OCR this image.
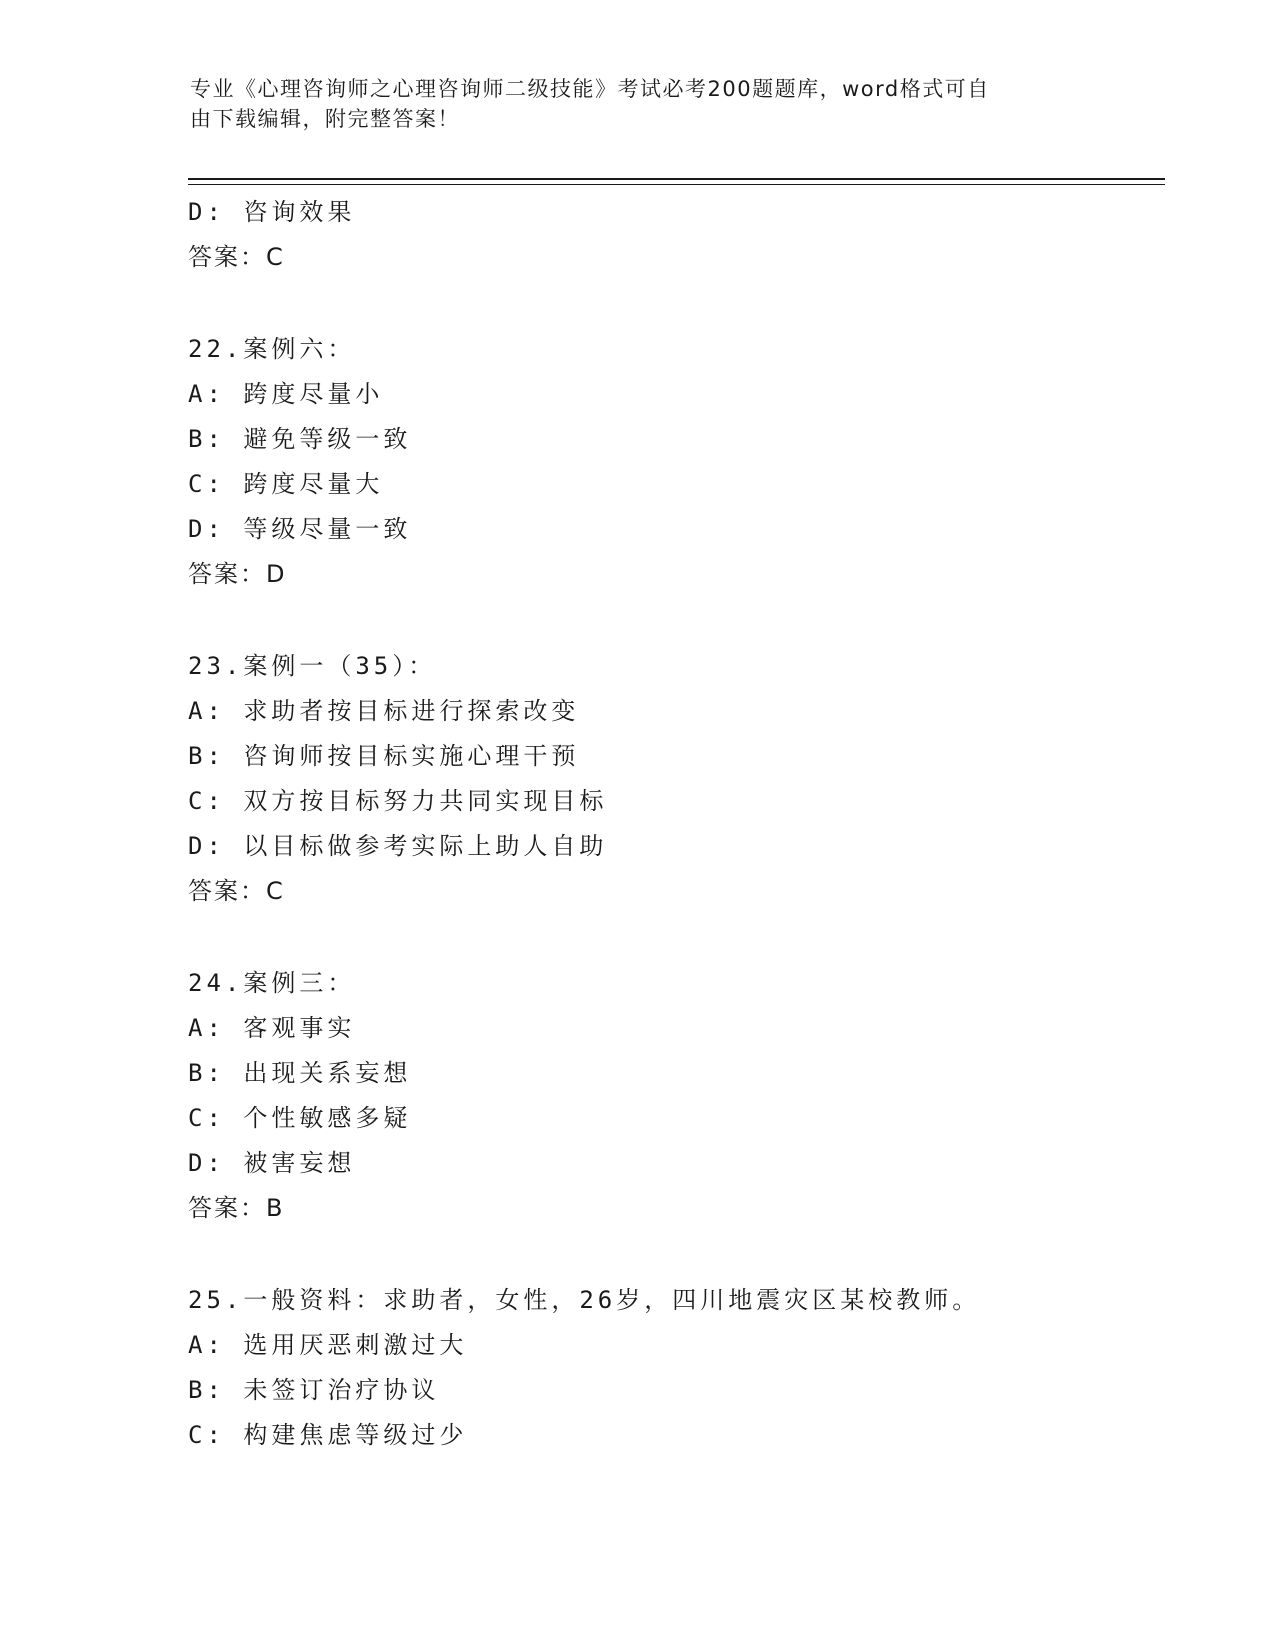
专业《心理咨询师之心理咨询师二级技能》考试必考200题题库，word格式可自
由下载编辑，附完整答案！
D: 咨询效果
答案：C
22.案例六：
A: 跨度尽量小
B: 避免等级一致
C: 跨度尽量大
D: 等级尽量一致
答案：D
23.案例一（35）：
A: 求助者按目标进行探索改变
B: 咨询师按目标实施心理干预
C: 双方按目标努力共同实现目标
D: 以目标做参考实际上助人自助
答案：C
24.案例三：
A: 客观事实
B: 出现关系妄想
C: 个性敏感多疑
D: 被害妄想
答案：B
25.一般资料：求助者，女性，26岁，四川地震灾区某校教师。
A: 选用厌恶刺激过大
B: 未签订治疗协议
C: 构建焦虑等级过少
